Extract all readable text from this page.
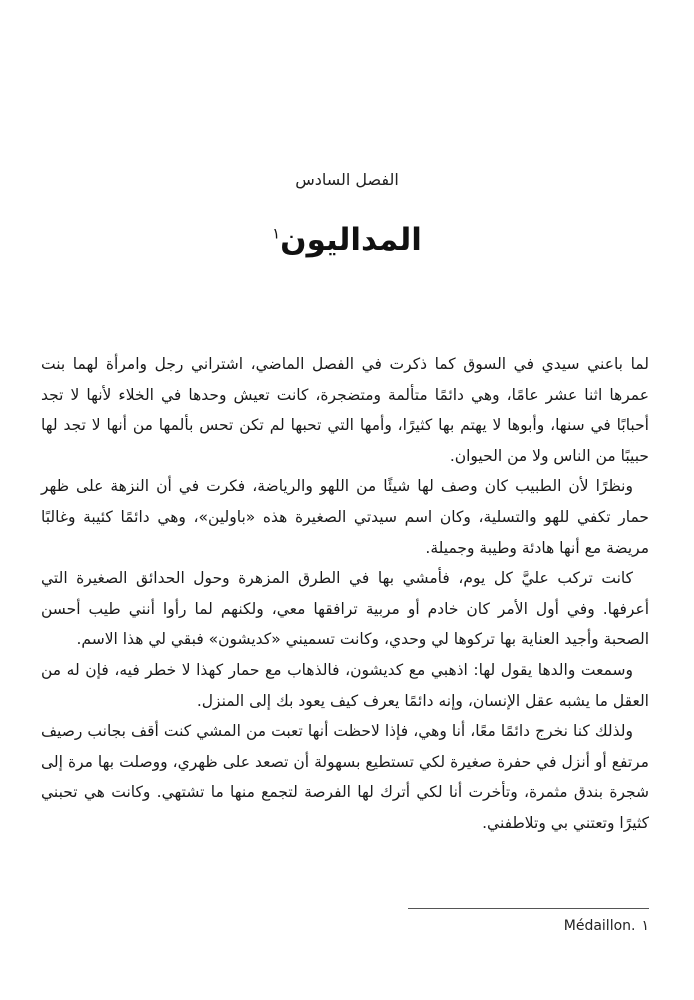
الفصل السادس
المداليون$^١$

لما باعني سيدي في السوق كما ذكرت في الفصل الماضي، اشتراني رجل وامرأة لهما بنت عمرها اثنا عشر عامًا، وهي دائمًا متألمة ومتضجرة، كانت تعيش وحدها في الخلاء لأنها لا تجد أحبابًا في سنها، وأبوها لا يهتم بها كثيرًا، وأمها التي تحبها لم تكن تحس بألمها من أنها لا تجد لها حبيبًا من الناس ولا من الحيوان.

ونظرًا لأن الطبيب كان وصف لها شيئًا من اللهو والرياضة، فكرت في أن النزهة على ظهر حمار تكفي للهو والتسلية، وكان اسم سيدتي الصغيرة هذه «باولين»، وهي دائمًا كئيبة وغالبًا مريضة مع أنها هادئة وطيبة وجميلة.

كانت تركب عليَّ كل يوم، فأمشي بها في الطرق المزهرة وحول الحدائق الصغيرة التي أعرفها. وفي أول الأمر كان خادم أو مربية ترافقها معي، ولكنهم لما رأوا أنني طيب أحسن الصحبة وأجيد العناية بها تركوها لي وحدي، وكانت تسميني «كديشون» فبقي لي هذا الاسم.

وسمعت والدها يقول لها: اذهبي مع كديشون، فالذهاب مع حمار كهذا لا خطر فيه، فإن له من العقل ما يشبه عقل الإنسان، وإنه دائمًا يعرف كيف يعود بك إلى المنزل.

ولذلك كنا نخرج دائمًا معًا، أنا وهي، فإذا لاحظت أنها تعبت من المشي كنت أقف بجانب رصيف مرتفع أو أنزل في حفرة صغيرة لكي تستطيع بسهولة أن تصعد على ظهري، ووصلت بها مرة إلى شجرة بندق مثمرة، وتأخرت أنا لكي أترك لها الفرصة لتجمع منها ما تشتهي. وكانت هي تحبني كثيرًا وتعتني بي وتلاطفني.

١Médaillon.
